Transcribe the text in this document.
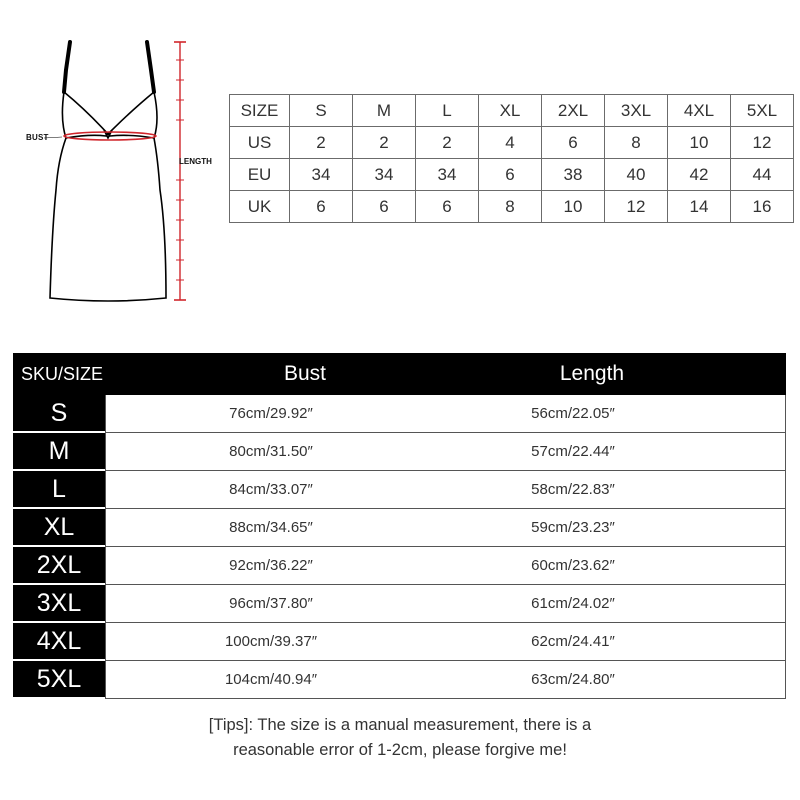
BUST
LENGTH
SIZE	S	M	L	XL	2XL	3XL	4XL	5XL
US	2	2	2	4	6	8	10	12
EU	34	34	34	6	38	40	42	44
UK	6	6	6	8	10	12	14	16
SKU/SIZE	Bust	Length
S	76cm/29.92″	56cm/22.05″
M	80cm/31.50″	57cm/22.44″
L	84cm/33.07″	58cm/22.83″
XL	88cm/34.65″	59cm/23.23″
2XL	92cm/36.22″	60cm/23.62″
3XL	96cm/37.80″	61cm/24.02″
4XL	100cm/39.37″	62cm/24.41″
5XL	104cm/40.94″	63cm/24.80″
[Tips]: The size is a manual measurement, there is a
reasonable error of 1-2cm, please forgive me!
